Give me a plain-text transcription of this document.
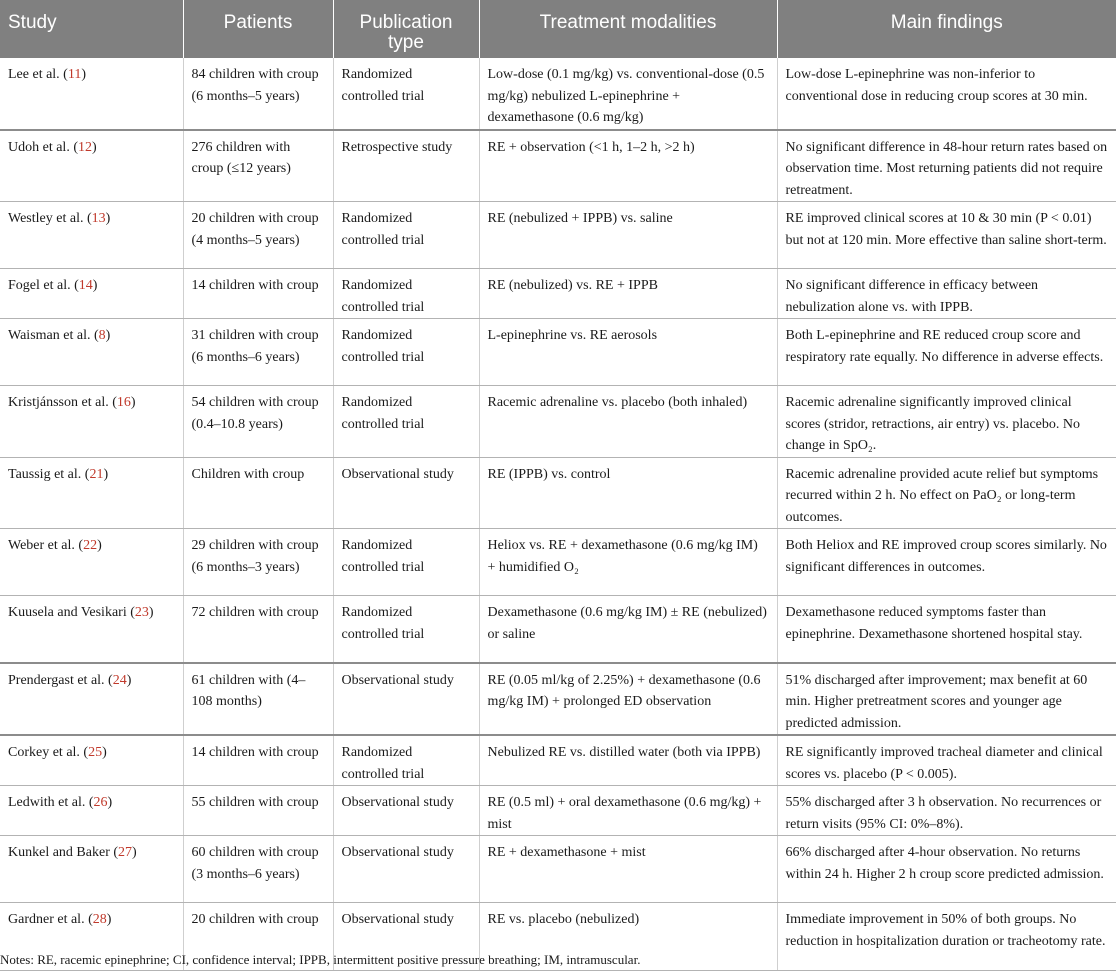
Study	Patients	Publication type	Treatment modalities	Main findings
Lee et al. (11)	84 children with croup (6 months–5 years)	Randomized controlled trial	Low-dose (0.1 mg/kg) vs. conventional-dose (0.5 mg/kg) nebulized L-epinephrine + dexamethasone (0.6 mg/kg)	Low-dose L-epinephrine was non-inferior to conventional dose in reducing croup scores at 30 min.
Udoh et al. (12)	276 children with croup (≤12 years)	Retrospective study	RE + observation (<1 h, 1–2 h, >2 h)	No significant difference in 48-hour return rates based on observation time. Most returning patients did not require retreatment.
Westley et al. (13)	20 children with croup (4 months–5 years)	Randomized controlled trial	RE (nebulized + IPPB) vs. saline	RE improved clinical scores at 10 & 30 min (P < 0.01) but not at 120 min. More effective than saline short-term.
Fogel et al. (14)	14 children with croup	Randomized controlled trial	RE (nebulized) vs. RE + IPPB	No significant difference in efficacy between nebulization alone vs. with IPPB.
Waisman et al. (8)	31 children with croup (6 months–6 years)	Randomized controlled trial	L-epinephrine vs. RE aerosols	Both L-epinephrine and RE reduced croup score and respiratory rate equally. No difference in adverse effects.
Kristjánsson et al. (16)	54 children with croup (0.4–10.8 years)	Randomized controlled trial	Racemic adrenaline vs. placebo (both inhaled)	Racemic adrenaline significantly improved clinical scores (stridor, retractions, air entry) vs. placebo. No change in SpO₂.
Taussig et al. (21)	Children with croup	Observational study	RE (IPPB) vs. control	Racemic adrenaline provided acute relief but symptoms recurred within 2 h. No effect on PaO₂ or long-term outcomes.
Weber et al. (22)	29 children with croup (6 months–3 years)	Randomized controlled trial	Heliox vs. RE + dexamethasone (0.6 mg/kg IM) + humidified O₂	Both Heliox and RE improved croup scores similarly. No significant differences in outcomes.
Kuusela and Vesikari (23)	72 children with croup	Randomized controlled trial	Dexamethasone (0.6 mg/kg IM) ± RE (nebulized) or saline	Dexamethasone reduced symptoms faster than epinephrine. Dexamethasone shortened hospital stay.
Prendergast et al. (24)	61 children with (4–108 months)	Observational study	RE (0.05 ml/kg of 2.25%) + dexamethasone (0.6 mg/kg IM) + prolonged ED observation	51% discharged after improvement; max benefit at 60 min. Higher pretreatment scores and younger age predicted admission.
Corkey et al. (25)	14 children with croup	Randomized controlled trial	Nebulized RE vs. distilled water (both via IPPB)	RE significantly improved tracheal diameter and clinical scores vs. placebo (P < 0.005).
Ledwith et al. (26)	55 children with croup	Observational study	RE (0.5 ml) + oral dexamethasone (0.6 mg/kg) + mist	55% discharged after 3 h observation. No recurrences or return visits (95% CI: 0%–8%).
Kunkel and Baker (27)	60 children with croup (3 months–6 years)	Observational study	RE + dexamethasone + mist	66% discharged after 4-hour observation. No returns within 24 h. Higher 2 h croup score predicted admission.
Gardner et al. (28)	20 children with croup	Observational study	RE vs. placebo (nebulized)	Immediate improvement in 50% of both groups. No reduction in hospitalization duration or tracheotomy rate.
Notes: RE, racemic epinephrine; CI, confidence interval; IPPB, intermittent positive pressure breathing; IM, intramuscular.
